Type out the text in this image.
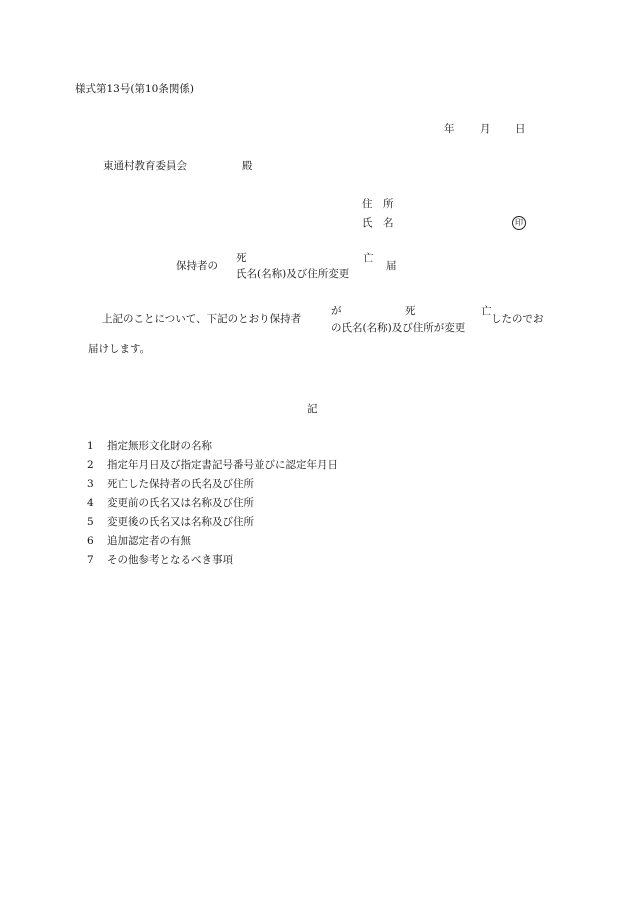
様式第13号(第10条関係)
年 月 日
東通村教育委員会	殿
住 所
氏 名	印
保持者の
死	亡
氏名(名称)及び住所変更
届
上記のことについて、下記のとおり保持者
が	死	亡
の氏名(名称)及び住所が変更
したのでお
届けします。
記
1	指定無形文化財の名称
2	指定年月日及び指定書記号番号並びに認定年月日
3	死亡した保持者の氏名及び住所
4	変更前の氏名又は名称及び住所
5	変更後の氏名又は名称及び住所
6	追加認定者の有無
7	その他参考となるべき事項
